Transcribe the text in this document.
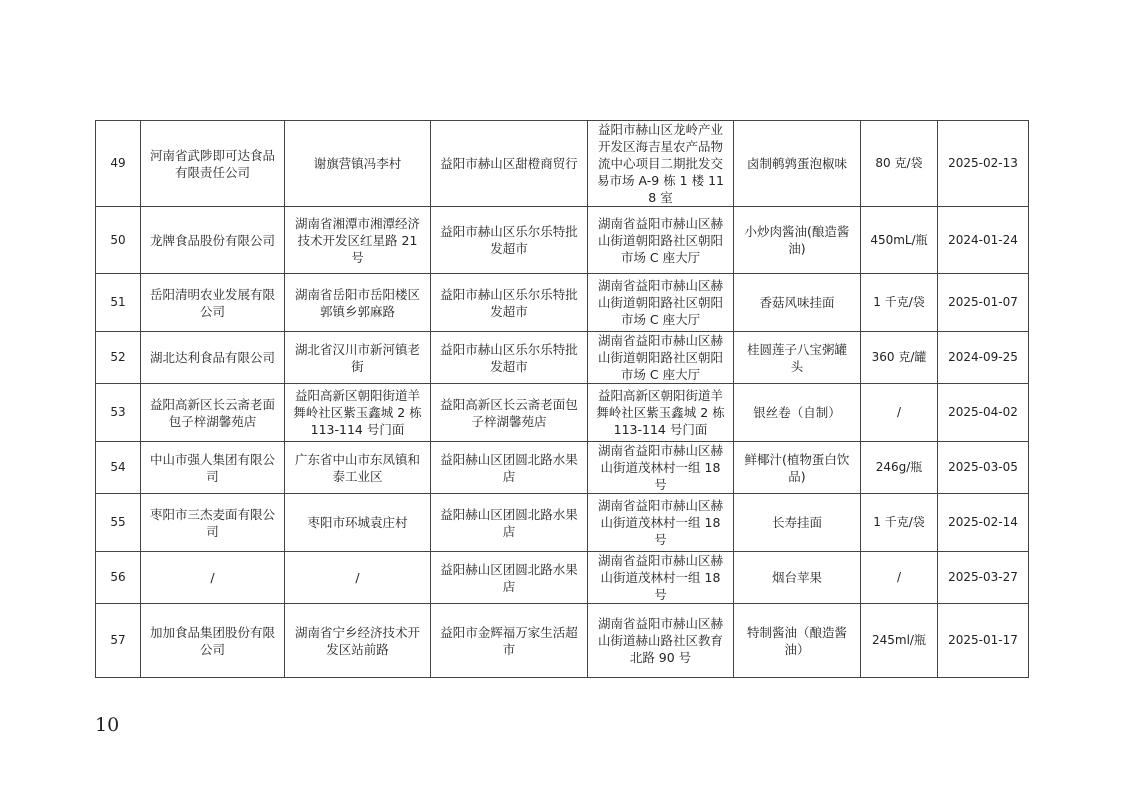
49	河南省武陟即可达食品有限责任公司	谢旗营镇冯李村	益阳市赫山区甜橙商贸行	益阳市赫山区龙岭产业开发区海吉星农产品物流中心项目二期批发交易市场 A-9 栋 1 楼 118 室	卤制鹌鹑蛋泡椒味	80 克/袋	2025-02-13
50	龙牌食品股份有限公司	湖南省湘潭市湘潭经济技术开发区红星路 21 号	益阳市赫山区乐尔乐特批发超市	湖南省益阳市赫山区赫山街道朝阳路社区朝阳市场 C 座大厅	小炒肉酱油(酿造酱油)	450mL/瓶	2024-01-24
51	岳阳清明农业发展有限公司	湖南省岳阳市岳阳楼区郭镇乡郭麻路	益阳市赫山区乐尔乐特批发超市	湖南省益阳市赫山区赫山街道朝阳路社区朝阳市场 C 座大厅	香菇风味挂面	1 千克/袋	2025-01-07
52	湖北达利食品有限公司	湖北省汉川市新河镇老街	益阳市赫山区乐尔乐特批发超市	湖南省益阳市赫山区赫山街道朝阳路社区朝阳市场 C 座大厅	桂圆莲子八宝粥罐头	360 克/罐	2024-09-25
53	益阳高新区长云斋老面包子梓湖馨苑店	益阳高新区朝阳街道羊舞岭社区紫玉鑫城 2 栋 113-114 号门面	益阳高新区长云斋老面包子梓湖馨苑店	益阳高新区朝阳街道羊舞岭社区紫玉鑫城 2 栋 113-114 号门面	银丝卷（自制）	/	2025-04-02
54	中山市强人集团有限公司	广东省中山市东凤镇和泰工业区	益阳赫山区团圆北路水果店	湖南省益阳市赫山区赫山街道茂林村一组 18 号	鲜椰汁(植物蛋白饮品)	246g/瓶	2025-03-05
55	枣阳市三杰麦面有限公司	枣阳市环城袁庄村	益阳赫山区团圆北路水果店	湖南省益阳市赫山区赫山街道茂林村一组 18 号	长寿挂面	1 千克/袋	2025-02-14
56	/	/	益阳赫山区团圆北路水果店	湖南省益阳市赫山区赫山街道茂林村一组 18 号	烟台苹果	/	2025-03-27
57	加加食品集团股份有限公司	湖南省宁乡经济技术开发区站前路	益阳市金辉福万家生活超市	湖南省益阳市赫山区赫山街道赫山路社区教育北路 90 号	特制酱油（酿造酱油）	245ml/瓶	2025-01-17
10
